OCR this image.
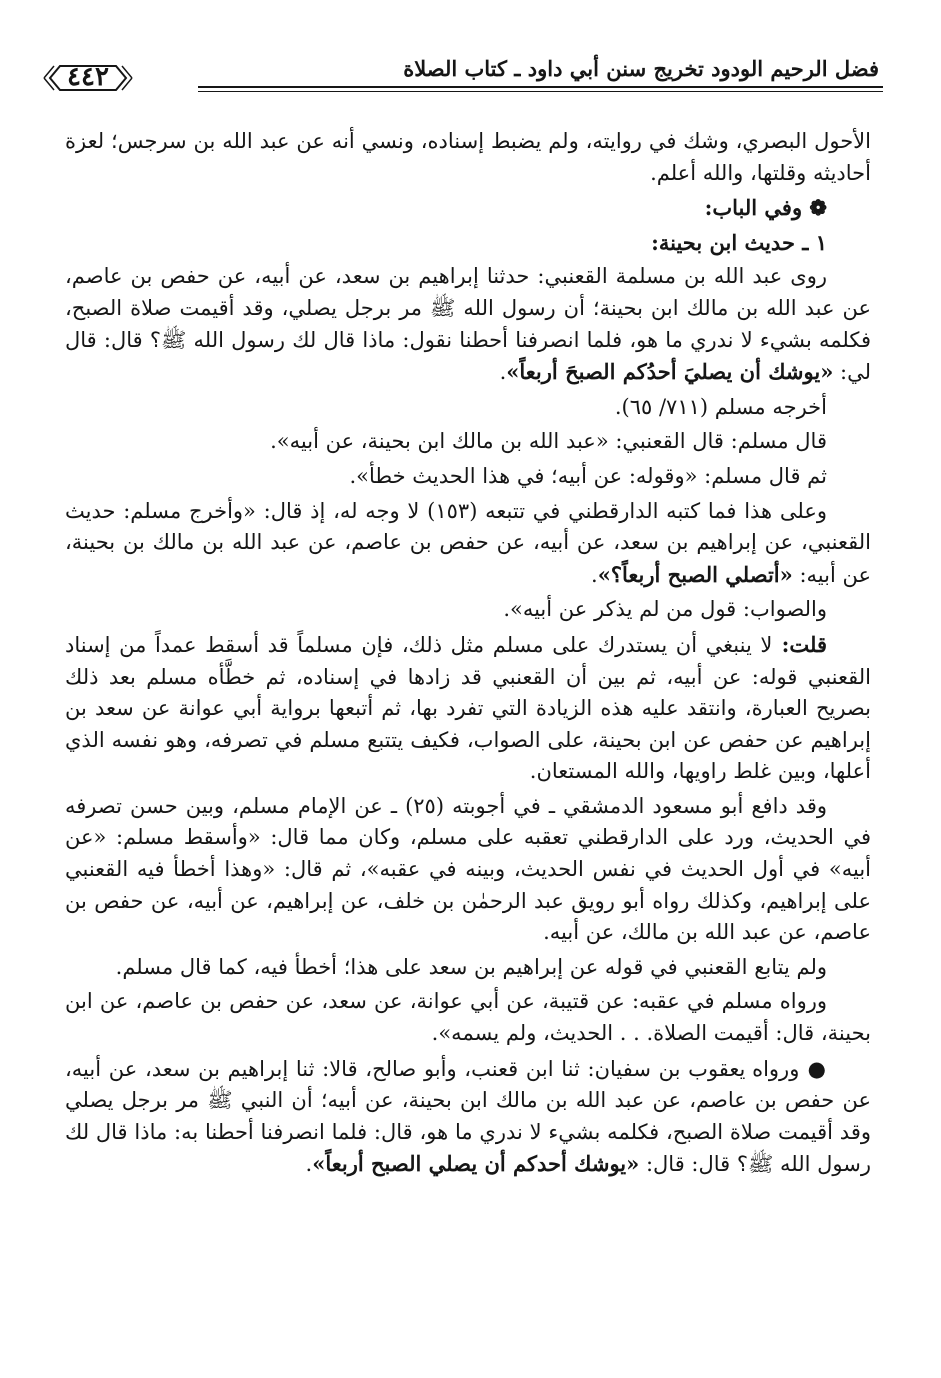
فضل الرحيم الودود تخريج سنن أبي داود ـ كتاب الصلاة
٤٤٢

الأحول البصري، وشك في روايته، ولم يضبط إسناده، ونسي أنه عن عبد الله بن سرجس؛ لعزة أحاديثه وقلتها، والله أعلم.

❁ وفي الباب:

١ ـ حديث ابن بحينة:

روى عبد الله بن مسلمة القعنبي: حدثنا إبراهيم بن سعد، عن أبيه، عن حفص بن عاصم، عن عبد الله بن مالك ابن بحينة؛ أن رسول الله ﷺ مر برجل يصلي، وقد أقيمت صلاة الصبح، فكلمه بشيء لا ندري ما هو، فلما انصرفنا أحطنا نقول: ماذا قال لك رسول الله ﷺ؟ قال: قال لي: «يوشك أن يصليَ أحدُكم الصبحَ أربعاً».

أخرجه مسلم (٧١١/ ٦٥).

قال مسلم: قال القعنبي: «عبد الله بن مالك ابن بحينة، عن أبيه».

ثم قال مسلم: «وقوله: عن أبيه؛ في هذا الحديث خطأ».

وعلى هذا فما كتبه الدارقطني في تتبعه (١٥٣) لا وجه له، إذ قال: «وأخرج مسلم: حديث القعنبي، عن إبراهيم بن سعد، عن أبيه، عن حفص بن عاصم، عن عبد الله بن مالك بن بحينة، عن أبيه: «أتصلي الصبح أربعاً؟».

والصواب: قول من لم يذكر عن أبيه».

قلت: لا ينبغي أن يستدرك على مسلم مثل ذلك، فإن مسلماً قد أسقط عمداً من إسناد القعنبي قوله: عن أبيه، ثم بين أن القعنبي قد زادها في إسناده، ثم خطَّأه مسلم بعد ذلك بصريح العبارة، وانتقد عليه هذه الزيادة التي تفرد بها، ثم أتبعها برواية أبي عوانة عن سعد بن إبراهيم عن حفص عن ابن بحينة، على الصواب، فكيف يتتبع مسلم في تصرفه، وهو نفسه الذي أعلها، وبين غلط راويها، والله المستعان.

وقد دافع أبو مسعود الدمشقي ـ في أجوبته (٢٥) ـ عن الإمام مسلم، وبين حسن تصرفه في الحديث، ورد على الدارقطني تعقبه على مسلم، وكان مما قال: «وأسقط مسلم: «عن أبيه» في أول الحديث في نفس الحديث، وبينه في عقبه»، ثم قال: «وهذا أخطأ فيه القعنبي على إبراهيم، وكذلك رواه أبو رويق عبد الرحمٰن بن خلف، عن إبراهيم، عن أبيه، عن حفص بن عاصم، عن عبد الله بن مالك، عن أبيه.

ولم يتابع القعنبي في قوله عن إبراهيم بن سعد على هذا؛ أخطأ فيه، كما قال مسلم.

ورواه مسلم في عقبه: عن قتيبة، عن أبي عوانة، عن سعد، عن حفص بن عاصم، عن ابن بحينة، قال: أقيمت الصلاة. . . الحديث، ولم يسمه».

● ورواه يعقوب بن سفيان: ثنا ابن قعنب، وأبو صالح، قالا: ثنا إبراهيم بن سعد، عن أبيه، عن حفص بن عاصم، عن عبد الله بن مالك ابن بحينة، عن أبيه؛ أن النبي ﷺ مر برجل يصلي وقد أقيمت صلاة الصبح، فكلمه بشيء لا ندري ما هو، قال: فلما انصرفنا أحطنا به: ماذا قال لك رسول الله ﷺ؟ قال: قال: «يوشك أحدكم أن يصلي الصبح أربعاً».
